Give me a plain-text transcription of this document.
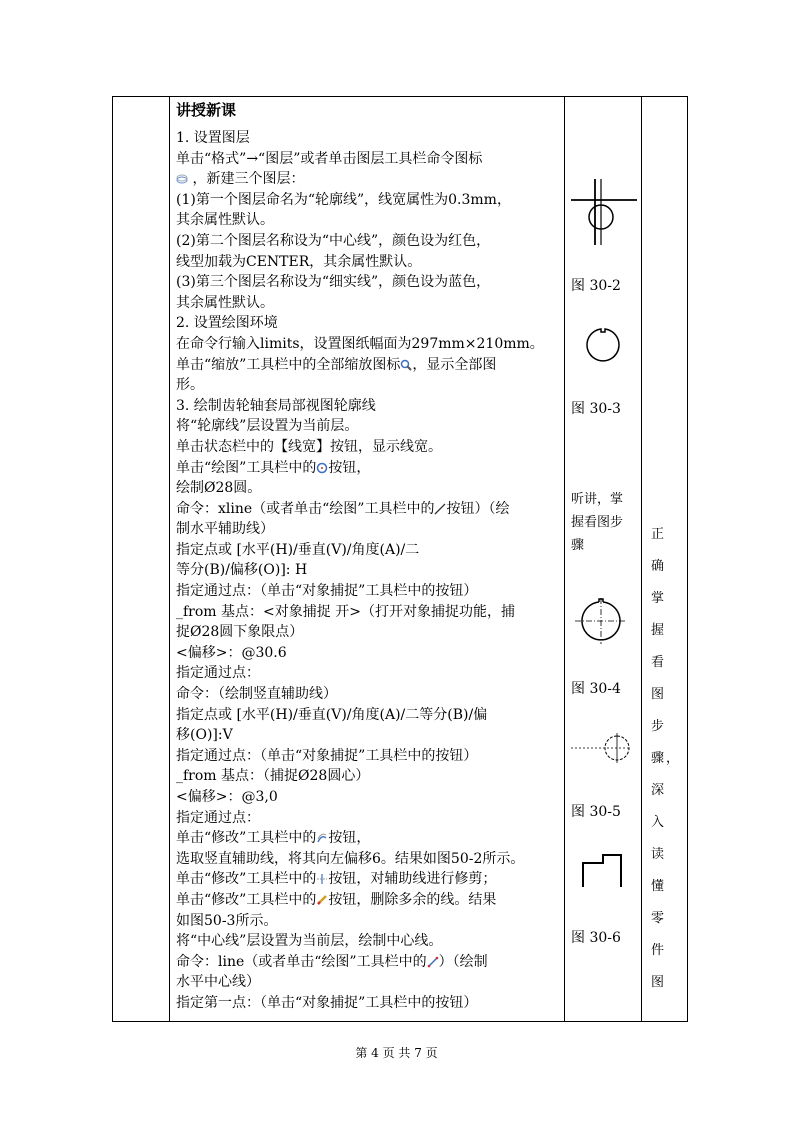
讲授新课

1. 设置图层

单击“格式”→“图层”或者单击图层工具栏命令图标

，新建三个图层：

(1)第一个图层命名为“轮廓线”，线宽属性为0.3mm，

其余属性默认。

(2)第二个图层名称设为“中心线”，颜色设为红色，

线型加载为CENTER，其余属性默认。

(3)第三个图层名称设为“细实线”，颜色设为蓝色，

其余属性默认。

2. 设置绘图环境

在命令行输入limits，设置图纸幅面为297mm×210mm。

单击“缩放”工具栏中的全部缩放图标 ，显示全部图

形。

3. 绘制齿轮轴套局部视图轮廓线

将“轮廓线”层设置为当前层。

单击状态栏中的【线宽】按钮，显示线宽。

单击“绘图”工具栏中的 按钮，

绘制Ø28圆。

命令：xline（或者单击“绘图”工具栏中的 按钮）（绘

制水平辅助线）

指定点或 [水平(H)/垂直(V)/角度(A)/二

等分(B)/偏移(O)]: H

指定通过点：（单击“对象捕捉”工具栏中的按钮）

_from 基点：<对象捕捉 开>（打开对象捕捉功能，捕

捉Ø28圆下象限点）

<偏移>：@30.6

指定通过点：

命令：（绘制竖直辅助线）

指定点或 [水平(H)/垂直(V)/角度(A)/二等分(B)/偏

移(O)]:V

指定通过点：（单击“对象捕捉”工具栏中的按钮）

_from 基点：（捕捉Ø28圆心）

<偏移>：@3,0

指定通过点：

单击“修改”工具栏中的 按钮，

选取竖直辅助线，将其向左偏移6。结果如图50-2所示。

单击“修改”工具栏中的 按钮，对辅助线进行修剪；

单击“修改”工具栏中的 按钮，删除多余的线。结果

如图50-3所示。

将“中心线”层设置为当前层，绘制中心线。

命令：line（或者单击“绘图”工具栏中的 ）（绘制

水平中心线）

指定第一点：（单击“对象捕捉”工具栏中的按钮）

图 30-2
图 30-3
听讲，掌
握看图步
骤
图 30-4
图 30-5
图 30-6
正 确
掌 握
看 图
步
骤，
深 入
读 懂
零 件
图
第 4 页 共 7 页
